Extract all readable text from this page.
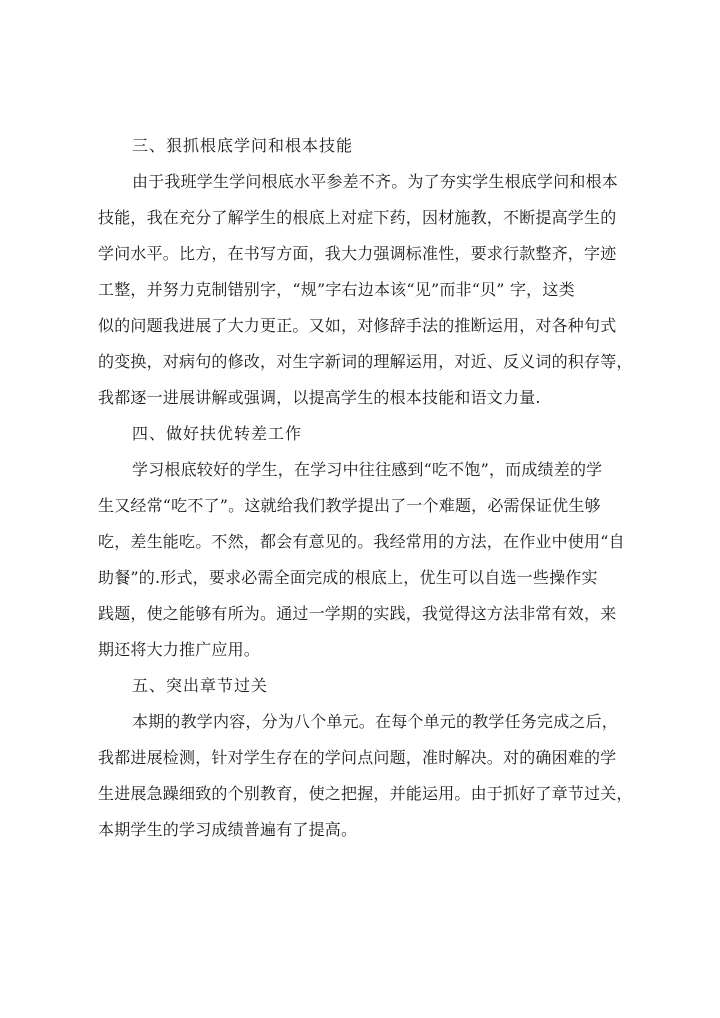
三、狠抓根底学问和根本技能

由于我班学生学问根底水平参差不齐。为了夯实学生根底学问和根本
技能，我在充分了解学生的根底上对症下药，因材施教，不断提高学生的
学问水平。比方，在书写方面，我大力强调标准性，要求行款整齐，字迹
工整，并努力克制错别字，“规”字右边本该“见”而非“贝” 字，这类
似的问题我进展了大力更正。又如，对修辞手法的推断运用，对各种句式
的变换，对病句的修改，对生字新词的理解运用，对近、反义词的积存等，
我都逐一进展讲解或强调，以提高学生的根本技能和语文力量.

四、做好扶优转差工作

学习根底较好的学生，在学习中往往感到“吃不饱”，而成绩差的学
生又经常“吃不了”。这就给我们教学提出了一个难题，必需保证优生够
吃，差生能吃。不然，都会有意见的。我经常用的方法，在作业中使用“自
助餐”的.形式，要求必需全面完成的根底上，优生可以自选一些操作实
践题，使之能够有所为。通过一学期的实践，我觉得这方法非常有效，来
期还将大力推广应用。

五、突出章节过关

本期的教学内容，分为八个单元。在每个单元的教学任务完成之后，
我都进展检测，针对学生存在的学问点问题，准时解决。对的确困难的学
生进展急躁细致的个别教育，使之把握，并能运用。由于抓好了章节过关，
本期学生的学习成绩普遍有了提高。
